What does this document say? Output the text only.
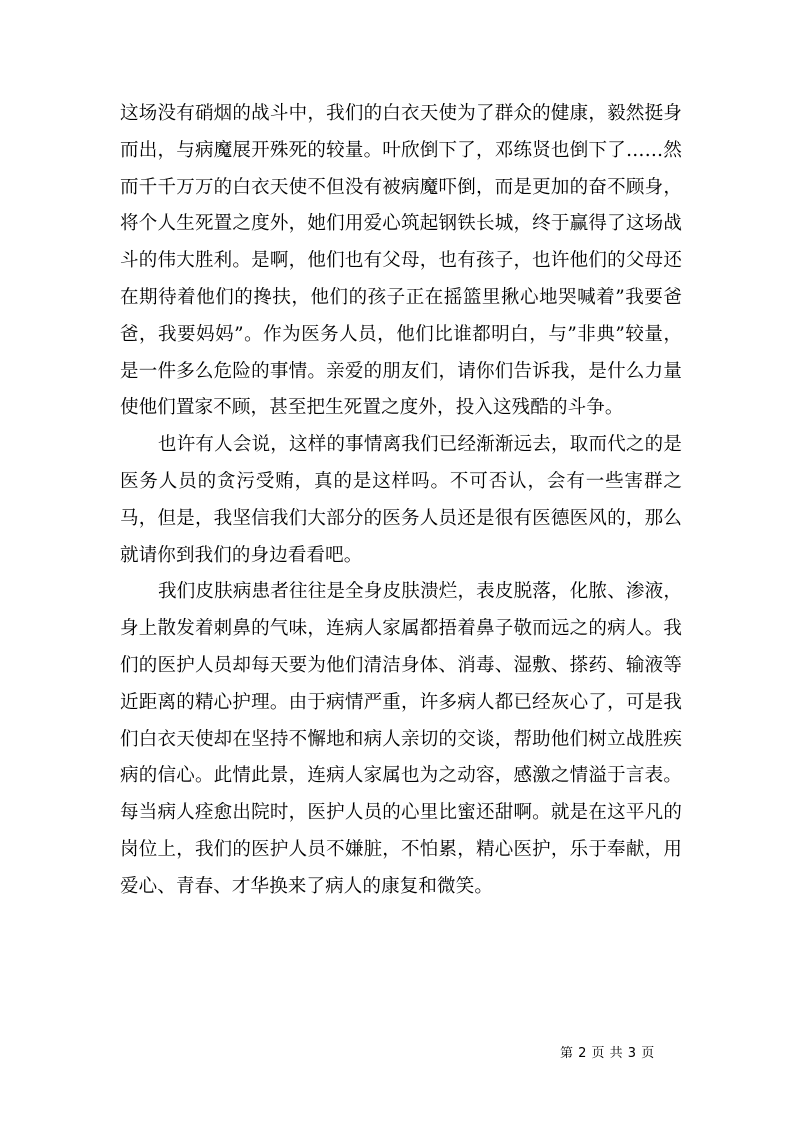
这场没有硝烟的战斗中，我们的白衣天使为了群众的健康，毅然挺身而出，与病魔展开殊死的较量。叶欣倒下了，邓练贤也倒下了……然而千千万万的白衣天使不但没有被病魔吓倒，而是更加的奋不顾身，将个人生死置之度外，她们用爱心筑起钢铁长城，终于赢得了这场战斗的伟大胜利。是啊，他们也有父母，也有孩子，也许他们的父母还在期待着他们的搀扶，他们的孩子正在摇篮里揪心地哭喊着”我要爸爸，我要妈妈”。作为医务人员，他们比谁都明白，与”非典”较量，是一件多么危险的事情。亲爱的朋友们，请你们告诉我，是什么力量使他们置家不顾，甚至把生死置之度外，投入这残酷的斗争。

也许有人会说，这样的事情离我们已经渐渐远去，取而代之的是医务人员的贪污受贿，真的是这样吗。不可否认，会有一些害群之马，但是，我坚信我们大部分的医务人员还是很有医德医风的，那么就请你到我们的身边看看吧。

我们皮肤病患者往往是全身皮肤溃烂，表皮脱落，化脓、渗液，身上散发着刺鼻的气味，连病人家属都捂着鼻子敬而远之的病人。我们的医护人员却每天要为他们清洁身体、消毒、湿敷、搽药、输液等近距离的精心护理。由于病情严重，许多病人都已经灰心了，可是我们白衣天使却在坚持不懈地和病人亲切的交谈，帮助他们树立战胜疾病的信心。此情此景，连病人家属也为之动容，感激之情溢于言表。每当病人痊愈出院时，医护人员的心里比蜜还甜啊。就是在这平凡的岗位上，我们的医护人员不嫌脏，不怕累，精心医护，乐于奉献，用爱心、青春、才华换来了病人的康复和微笑。

第 2 页 共 3 页
